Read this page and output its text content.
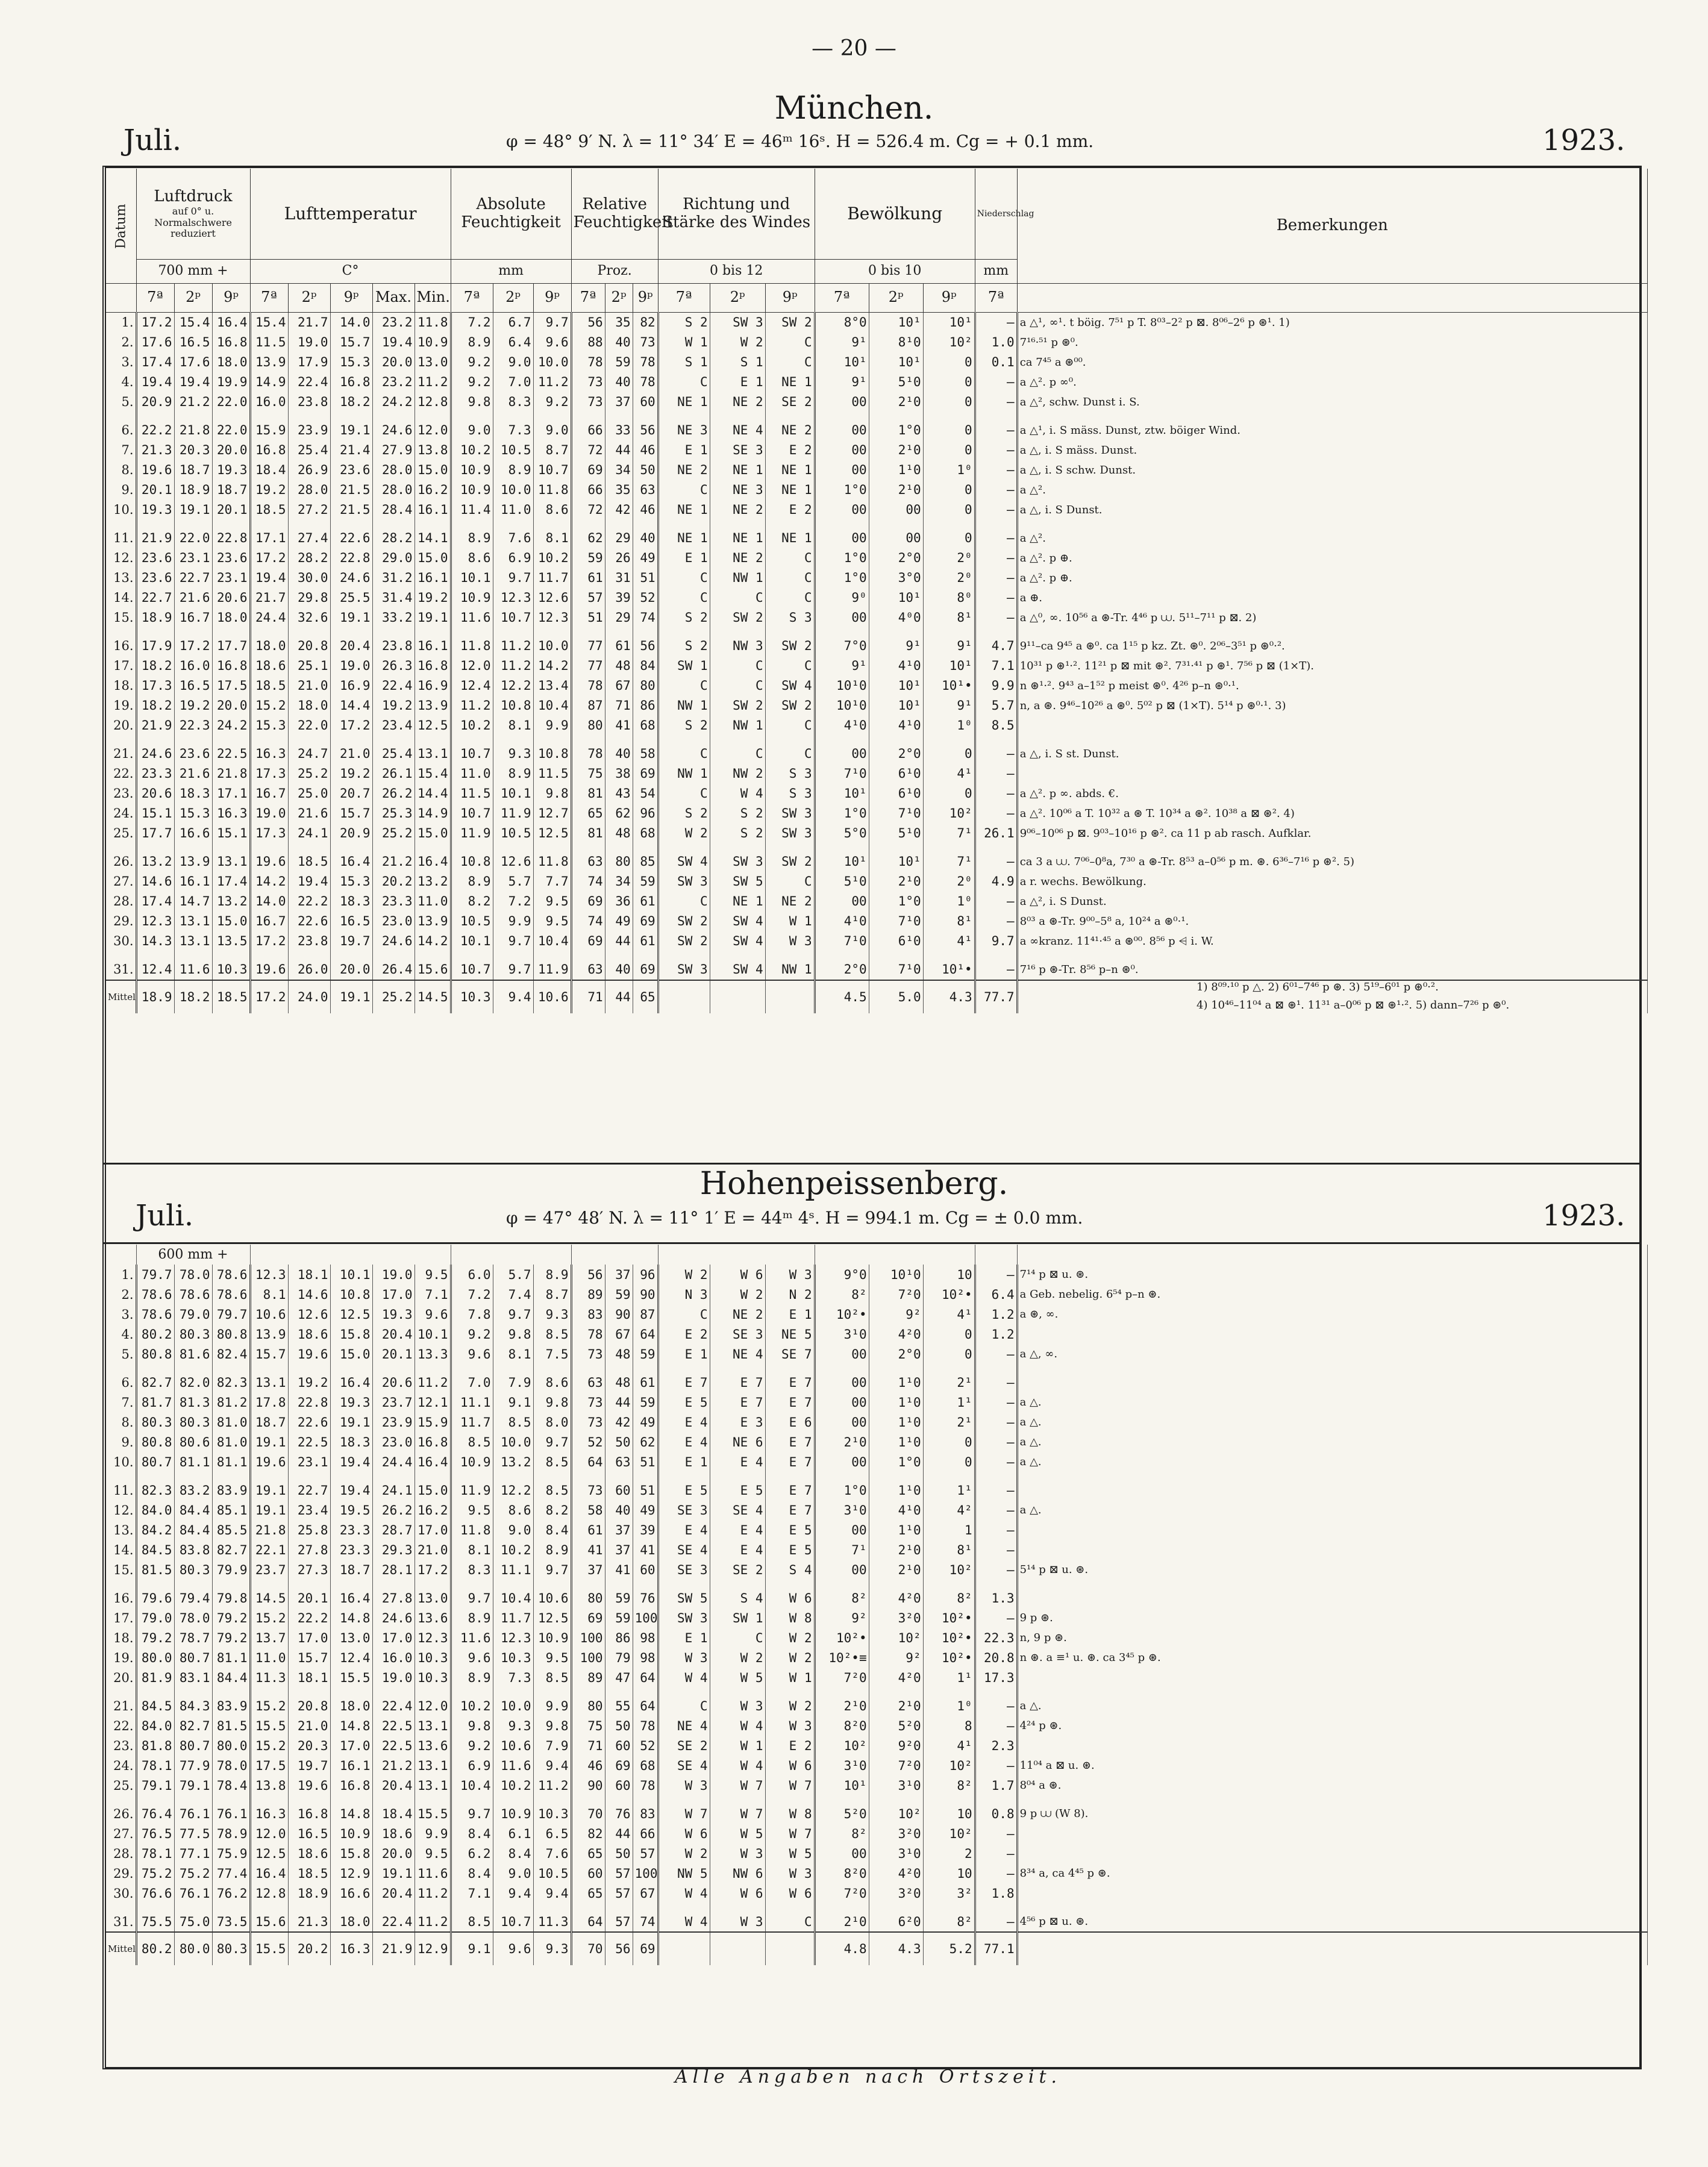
— 20 —
München.
Juli.	φ = 48° 9′ N. λ = 11° 34′ E = 46ᵐ 16ˢ. H = 526.4 m. Cg = + 0.1 mm.	1923.
Datum	Luftdruck
auf 0° u. Normalschwere reduziert			Lufttemperatur					Absolute Feuchtigkeit			Relative Feuchtigkeit			Richtung und Stärke des Windes			Bewölkung			Niederschlag	Bemerkungen
	700 mm +			C°					mm			Proz.			0 bis 12			0 bis 10			mm	
	7ª	2ᵖ	9ᵖ	7ª	2ᵖ	9ᵖ	Max.	Min.	7ª	2ᵖ	9ᵖ	7ª	2ᵖ	9ᵖ	7ª	2ᵖ	9ᵖ	7ª	2ᵖ	9ᵖ	7ª	
1.	17.2	15.4	16.4	15.4	21.7	14.0	23.2	11.8	7.2	6.7	9.7	56	35	82	S 2	SW 3	SW 2	8°0	10¹	10¹	–	a △¹, ∞¹. t böig. 7⁵¹ p T. 8⁰³–2² p ⊠. 8⁰⁶–2⁶ p ⊛¹. 1)
2.	17.6	16.5	16.8	11.5	19.0	15.7	19.4	10.9	8.9	6.4	9.6	88	40	73	W 1	W 2	C	9¹	8¹0	10²	1.0	7¹⁶·⁵¹ p ⊛⁰.
3.	17.4	17.6	18.0	13.9	17.9	15.3	20.0	13.0	9.2	9.0	10.0	78	59	78	S 1	S 1	C	10¹	10¹	0	0.1	ca 7⁴⁵ a ⊛⁰⁰.
4.	19.4	19.4	19.9	14.9	22.4	16.8	23.2	11.2	9.2	7.0	11.2	73	40	78	C	E 1	NE 1	9¹	5¹0	0	–	a △². p ∞⁰.
5.	20.9	21.2	22.0	16.0	23.8	18.2	24.2	12.8	9.8	8.3	9.2	73	37	60	NE 1	NE 2	SE 2	00	2¹0	0	–	a △², schw. Dunst i. S.
6.	22.2	21.8	22.0	15.9	23.9	19.1	24.6	12.0	9.0	7.3	9.0	66	33	56	NE 3	NE 4	NE 2	00	1°0	0	–	a △¹, i. S mäss. Dunst, ztw. böiger Wind.
7.	21.3	20.3	20.0	16.8	25.4	21.4	27.9	13.8	10.2	10.5	8.7	72	44	46	E 1	SE 3	E 2	00	2¹0	0	–	a △, i. S mäss. Dunst.
8.	19.6	18.7	19.3	18.4	26.9	23.6	28.0	15.0	10.9	8.9	10.7	69	34	50	NE 2	NE 1	NE 1	00	1¹0	1⁰	–	a △, i. S schw. Dunst.
9.	20.1	18.9	18.7	19.2	28.0	21.5	28.0	16.2	10.9	10.0	11.8	66	35	63	C	NE 3	NE 1	1°0	2¹0	0	–	a △².
10.	19.3	19.1	20.1	18.5	27.2	21.5	28.4	16.1	11.4	11.0	8.6	72	42	46	NE 1	NE 2	E 2	00	00	0	–	a △, i. S Dunst.
11.	21.9	22.0	22.8	17.1	27.4	22.6	28.2	14.1	8.9	7.6	8.1	62	29	40	NE 1	NE 1	NE 1	00	00	0	–	a △².
12.	23.6	23.1	23.6	17.2	28.2	22.8	29.0	15.0	8.6	6.9	10.2	59	26	49	E 1	NE 2	C	1°0	2°0	2⁰	–	a △². p ⊕.
13.	23.6	22.7	23.1	19.4	30.0	24.6	31.2	16.1	10.1	9.7	11.7	61	31	51	C	NW 1	C	1°0	3°0	2⁰	–	a △². p ⊕.
14.	22.7	21.6	20.6	21.7	29.8	25.5	31.4	19.2	10.9	12.3	12.6	57	39	52	C	C	C	9⁰	10¹	8⁰	–	a ⊕.
15.	18.9	16.7	18.0	24.4	32.6	19.1	33.2	19.1	11.6	10.7	12.3	51	29	74	S 2	SW 2	S 3	00	4⁰0	8¹	–	a △⁰, ∞. 10⁵⁶ a ⊛-Tr. 4⁴⁶ p ⩊. 5¹¹–7¹¹ p ⊠. 2)
16.	17.9	17.2	17.7	18.0	20.8	20.4	23.8	16.1	11.8	11.2	10.0	77	61	56	S 2	NW 3	SW 2	7°0	9¹	9¹	4.7	9¹¹–ca 9⁴⁵ a ⊛⁰. ca 1¹⁵ p kz. Zt. ⊛⁰. 2⁰⁶–3⁵¹ p ⊛⁰·².
17.	18.2	16.0	16.8	18.6	25.1	19.0	26.3	16.8	12.0	11.2	14.2	77	48	84	SW 1	C	C	9¹	4¹0	10¹	7.1	10³¹ p ⊛¹·². 11²¹ p ⊠ mit ⊛². 7³¹·⁴¹ p ⊛¹. 7⁵⁶ p ⊠ (1×T).
18.	17.3	16.5	17.5	18.5	21.0	16.9	22.4	16.9	12.4	12.2	13.4	78	67	80	C	C	SW 4	10¹0	10¹	10¹•	9.9	n ⊛¹·². 9⁴³ a–1⁵² p meist ⊛⁰. 4²⁶ p–n ⊛⁰·¹.
19.	18.2	19.2	20.0	15.2	18.0	14.4	19.2	13.9	11.2	10.8	10.4	87	71	86	NW 1	SW 2	SW 2	10¹0	10¹	9¹	5.7	n, a ⊛. 9⁴⁶–10²⁶ a ⊛⁰. 5⁰² p ⊠ (1×T). 5¹⁴ p ⊛⁰·¹. 3)
20.	21.9	22.3	24.2	15.3	22.0	17.2	23.4	12.5	10.2	8.1	9.9	80	41	68	S 2	NW 1	C	4¹0	4¹0	1⁰	8.5	
21.	24.6	23.6	22.5	16.3	24.7	21.0	25.4	13.1	10.7	9.3	10.8	78	40	58	C	C	C	00	2°0	0	–	a △, i. S st. Dunst.
22.	23.3	21.6	21.8	17.3	25.2	19.2	26.1	15.4	11.0	8.9	11.5	75	38	69	NW 1	NW 2	S 3	7¹0	6¹0	4¹	–	
23.	20.6	18.3	17.1	16.7	25.0	20.7	26.2	14.4	11.5	10.1	9.8	81	43	54	C	W 4	S 3	10¹	6¹0	0	–	a △². p ∞. abds. €.
24.	15.1	15.3	16.3	19.0	21.6	15.7	25.3	14.9	10.7	11.9	12.7	65	62	96	S 2	S 2	SW 3	1°0	7¹0	10²	–	a △². 10⁰⁶ a T. 10³² a ⊛ T. 10³⁴ a ⊛². 10³⁸ a ⊠ ⊛². 4)
25.	17.7	16.6	15.1	17.3	24.1	20.9	25.2	15.0	11.9	10.5	12.5	81	48	68	W 2	S 2	SW 3	5°0	5¹0	7¹	26.1	9⁰⁶–10⁰⁶ p ⊠. 9⁰³–10¹⁶ p ⊛². ca 11 p ab rasch. Aufklar.
26.	13.2	13.9	13.1	19.6	18.5	16.4	21.2	16.4	10.8	12.6	11.8	63	80	85	SW 4	SW 3	SW 2	10¹	10¹	7¹	–	ca 3 a ⩊. 7⁰⁶–0⁸a, 7³⁰ a ⊛-Tr. 8⁵³ a–0⁵⁶ p m. ⊛. 6³⁶–7¹⁶ p ⊛². 5)
27.	14.6	16.1	17.4	14.2	19.4	15.3	20.2	13.2	8.9	5.7	7.7	74	34	59	SW 3	SW 5	C	5¹0	2¹0	2⁰	4.9	a r. wechs. Bewölkung.
28.	17.4	14.7	13.2	14.0	22.2	18.3	23.3	11.0	8.2	7.2	9.5	69	36	61	C	NE 1	NE 2	00	1°0	1⁰	–	a △², i. S Dunst.
29.	12.3	13.1	15.0	16.7	22.6	16.5	23.0	13.9	10.5	9.9	9.5	74	49	69	SW 2	SW 4	W 1	4¹0	7¹0	8¹	–	8⁰³ a ⊛-Tr. 9⁰⁰–5⁸ a, 10²⁴ a ⊛⁰·¹.
30.	14.3	13.1	13.5	17.2	23.8	19.7	24.6	14.2	10.1	9.7	10.4	69	44	61	SW 2	SW 4	W 3	7¹0	6¹0	4¹	9.7	a ∞kranz. 11⁴¹·⁴⁵ a ⊛⁰⁰. 8⁵⁶ p ⩤ i. W.
31.	12.4	11.6	10.3	19.6	26.0	20.0	26.4	15.6	10.7	9.7	11.9	63	40	69	SW 3	SW 4	NW 1	2°0	7¹0	10¹•	–	7¹⁶ p ⊛-Tr. 8⁵⁶ p–n ⊛⁰.
Mittel	18.9	18.2	18.5	17.2	24.0	19.1	25.2	14.5	10.3	9.4	10.6	71	44	65				4.5	5.0	4.3	77.7	
1) 8⁰⁹·¹⁰ p △. 2) 6⁰¹–7⁴⁶ p ⊛. 3) 5¹⁹–6⁰¹ p ⊛⁰·².
4) 10⁴⁶–11⁰⁴ a ⊠ ⊛¹. 11³¹ a–0⁰⁶ p ⊠ ⊛¹·². 5) dann–7²⁶ p ⊛⁰.
Hohenpeissenberg.
Juli.	φ = 47° 48′ N. λ = 11° 1′ E = 44ᵐ 4ˢ. H = 994.1 m. Cg = ± 0.0 mm.	1923.
	600 mm +																					
1.	79.7	78.0	78.6	12.3	18.1	10.1	19.0	9.5	6.0	5.7	8.9	56	37	96	W 2	W 6	W 3	9°0	10¹0	10	–	7¹⁴ p ⊠ u. ⊛.
2.	78.6	78.6	78.6	8.1	14.6	10.8	17.0	7.1	7.2	7.4	8.7	89	59	90	N 3	W 2	N 2	8²	7²0	10²•	6.4	a Geb. nebelig. 6⁵⁴ p–n ⊛.
3.	78.6	79.0	79.7	10.6	12.6	12.5	19.3	9.6	7.8	9.7	9.3	83	90	87	C	NE 2	E 1	10²•	9²	4¹	1.2	a ⊛, ∞.
4.	80.2	80.3	80.8	13.9	18.6	15.8	20.4	10.1	9.2	9.8	8.5	78	67	64	E 2	SE 3	NE 5	3¹0	4²0	0	1.2	
5.	80.8	81.6	82.4	15.7	19.6	15.0	20.1	13.3	9.6	8.1	7.5	73	48	59	E 1	NE 4	SE 7	00	2°0	0	–	a △, ∞.
6.	82.7	82.0	82.3	13.1	19.2	16.4	20.6	11.2	7.0	7.9	8.6	63	48	61	E 7	E 7	E 7	00	1¹0	2¹	–	
7.	81.7	81.3	81.2	17.8	22.8	19.3	23.7	12.1	11.1	9.1	9.8	73	44	59	E 5	E 7	E 7	00	1¹0	1¹	–	a △.
8.	80.3	80.3	81.0	18.7	22.6	19.1	23.9	15.9	11.7	8.5	8.0	73	42	49	E 4	E 3	E 6	00	1¹0	2¹	–	a △.
9.	80.8	80.6	81.0	19.1	22.5	18.3	23.0	16.8	8.5	10.0	9.7	52	50	62	E 4	NE 6	E 7	2¹0	1¹0	0	–	a △.
10.	80.7	81.1	81.1	19.6	23.1	19.4	24.4	16.4	10.9	13.2	8.5	64	63	51	E 1	E 4	E 7	00	1°0	0	–	a △.
11.	82.3	83.2	83.9	19.1	22.7	19.4	24.1	15.0	11.9	12.2	8.5	73	60	51	E 5	E 5	E 7	1°0	1¹0	1¹	–	
12.	84.0	84.4	85.1	19.1	23.4	19.5	26.2	16.2	9.5	8.6	8.2	58	40	49	SE 3	SE 4	E 7	3¹0	4¹0	4²	–	a △.
13.	84.2	84.4	85.5	21.8	25.8	23.3	28.7	17.0	11.8	9.0	8.4	61	37	39	E 4	E 4	E 5	00	1¹0	1	–	
14.	84.5	83.8	82.7	22.1	27.8	23.3	29.3	21.0	8.1	10.2	8.9	41	37	41	SE 4	E 4	E 5	7¹	2¹0	8¹	–	
15.	81.5	80.3	79.9	23.7	27.3	18.7	28.1	17.2	8.3	11.1	9.7	37	41	60	SE 3	SE 2	S 4	00	2¹0	10²	–	5¹⁴ p ⊠ u. ⊛.
16.	79.6	79.4	79.8	14.5	20.1	16.4	27.8	13.0	9.7	10.4	10.6	80	59	76	SW 5	S 4	W 6	8²	4²0	8²	1.3	
17.	79.0	78.0	79.2	15.2	22.2	14.8	24.6	13.6	8.9	11.7	12.5	69	59	100	SW 3	SW 1	W 8	9²	3²0	10²•	–	9 p ⊛.
18.	79.2	78.7	79.2	13.7	17.0	13.0	17.0	12.3	11.6	12.3	10.9	100	86	98	E 1	C	W 2	10²•	10²	10²•	22.3	n, 9 p ⊛.
19.	80.0	80.7	81.1	11.0	15.7	12.4	16.0	10.3	9.6	10.3	9.5	100	79	98	W 3	W 2	W 2	10²•≡	9²	10²•	20.8	n ⊛. a ≡¹ u. ⊛. ca 3⁴⁵ p ⊛.
20.	81.9	83.1	84.4	11.3	18.1	15.5	19.0	10.3	8.9	7.3	8.5	89	47	64	W 4	W 5	W 1	7²0	4²0	1¹	17.3	
21.	84.5	84.3	83.9	15.2	20.8	18.0	22.4	12.0	10.2	10.0	9.9	80	55	64	C	W 3	W 2	2¹0	2¹0	1⁰	–	a △.
22.	84.0	82.7	81.5	15.5	21.0	14.8	22.5	13.1	9.8	9.3	9.8	75	50	78	NE 4	W 4	W 3	8²0	5²0	8	–	4²⁴ p ⊛.
23.	81.8	80.7	80.0	15.2	20.3	17.0	22.5	13.6	9.2	10.6	7.9	71	60	52	SE 2	W 1	E 2	10²	9²0	4¹	2.3	
24.	78.1	77.9	78.0	17.5	19.7	16.1	21.2	13.1	6.9	11.6	9.4	46	69	68	SE 4	W 4	W 6	3¹0	7²0	10²	–	11⁰⁴ a ⊠ u. ⊛.
25.	79.1	79.1	78.4	13.8	19.6	16.8	20.4	13.1	10.4	10.2	11.2	90	60	78	W 3	W 7	W 7	10¹	3¹0	8²	1.7	8⁰⁴ a ⊛.
26.	76.4	76.1	76.1	16.3	16.8	14.8	18.4	15.5	9.7	10.9	10.3	70	76	83	W 7	W 7	W 8	5²0	10²	10	0.8	9 p ⩊ (W 8).
27.	76.5	77.5	78.9	12.0	16.5	10.9	18.6	9.9	8.4	6.1	6.5	82	44	66	W 6	W 5	W 7	8²	3²0	10²	–	
28.	78.1	77.1	75.9	12.5	18.6	15.8	20.0	9.5	6.2	8.4	7.6	65	50	57	W 2	W 3	W 5	00	3¹0	2	–	
29.	75.2	75.2	77.4	16.4	18.5	12.9	19.1	11.6	8.4	9.0	10.5	60	57	100	NW 5	NW 6	W 3	8²0	4²0	10	–	8³⁴ a, ca 4⁴⁵ p ⊛.
30.	76.6	76.1	76.2	12.8	18.9	16.6	20.4	11.2	7.1	9.4	9.4	65	57	67	W 4	W 6	W 6	7²0	3²0	3²	1.8	
31.	75.5	75.0	73.5	15.6	21.3	18.0	22.4	11.2	8.5	10.7	11.3	64	57	74	W 4	W 3	C	2¹0	6²0	8²	–	4⁵⁶ p ⊠ u. ⊛.
Mittel	80.2	80.0	80.3	15.5	20.2	16.3	21.9	12.9	9.1	9.6	9.3	70	56	69				4.8	4.3	5.2	77.1	
Alle Angaben nach Ortszeit.
